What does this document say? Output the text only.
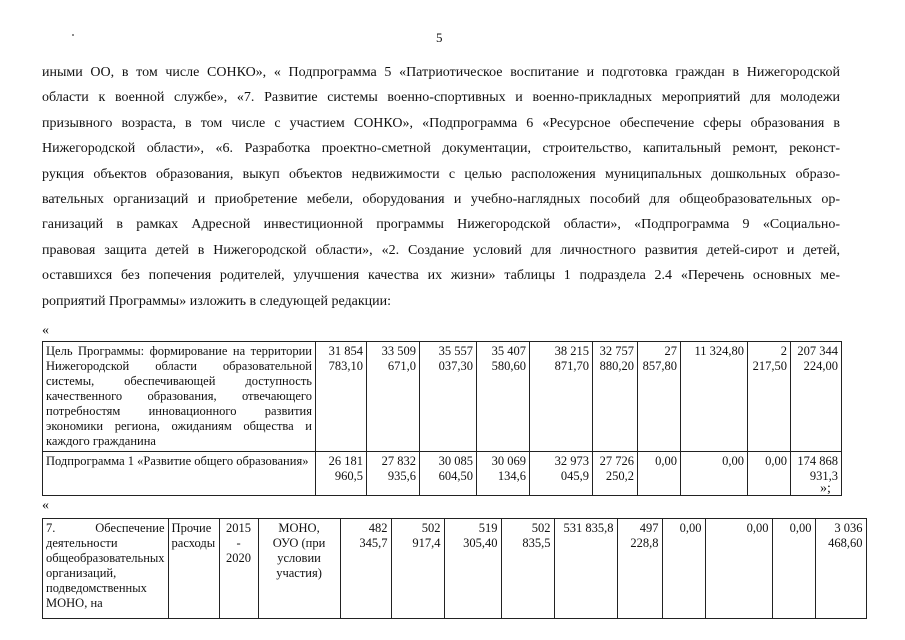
5
иными ОО, в том числе СОНКО», « Подпрограмма 5 «Патриотическое воспитание и подготовка граждан в Нижегородской
области к военной службе», «7. Развитие системы военно-спортивных и военно-прикладных мероприятий для молодежи
призывного возраста, в том числе с участием СОНКО», «Подпрограмма 6 «Ресурсное обеспечение сферы образования в
Нижегородской области», «6. Разработка проектно-сметной документации, строительство, капитальный ремонт, реконст-
рукция объектов образования, выкуп объектов недвижимости с целью расположения муниципальных дошкольных образо-
вательных организаций и приобретение мебели, оборудования и учебно-наглядных пособий для общеобразовательных ор-
ганизаций в рамках Адресной инвестиционной программы Нижегородской области», «Подпрограмма 9 «Социально-
правовая защита детей в Нижегородской области», «2. Создание условий для личностного развития детей-сирот и детей,
оставшихся без попечения родителей, улучшения качества их жизни» таблицы 1 подраздела 2.4 «Перечень основных ме-
роприятий Программы» изложить в следующей редакции:
«
Цель Программы: формирование на территории Нижегородской области образовательной системы, обеспечивающей доступность качественного образования, отвечающего потребностям инновационного развития экономики региона, ожиданиям общества и каждого гражданина	31 854
783,10	33 509
671,0	35 557
037,30	35 407
580,60	38 215
871,70	32 757
880,20	27
857,80	11 324,80	2
217,50	207 344
224,00
Подпрограмма 1 «Развитие общего образования»	26 181
960,5	27 832
935,6	30 085
604,50	30 069
134,6	32 973
045,9	27 726
250,2	0,00	0,00	0,00	174 868
931,3
»;
«
7. Обеспечение деятельности общеобразовательных организаций, подведомственных МОНО, на	Прочие расходы	2015
-
2020	МОНО,
ОУО (при
условии
участия)	482
345,7	502
917,4	519
305,40	502
835,5	531 835,8	497
228,8	0,00	0,00	0,00	3 036
468,60
